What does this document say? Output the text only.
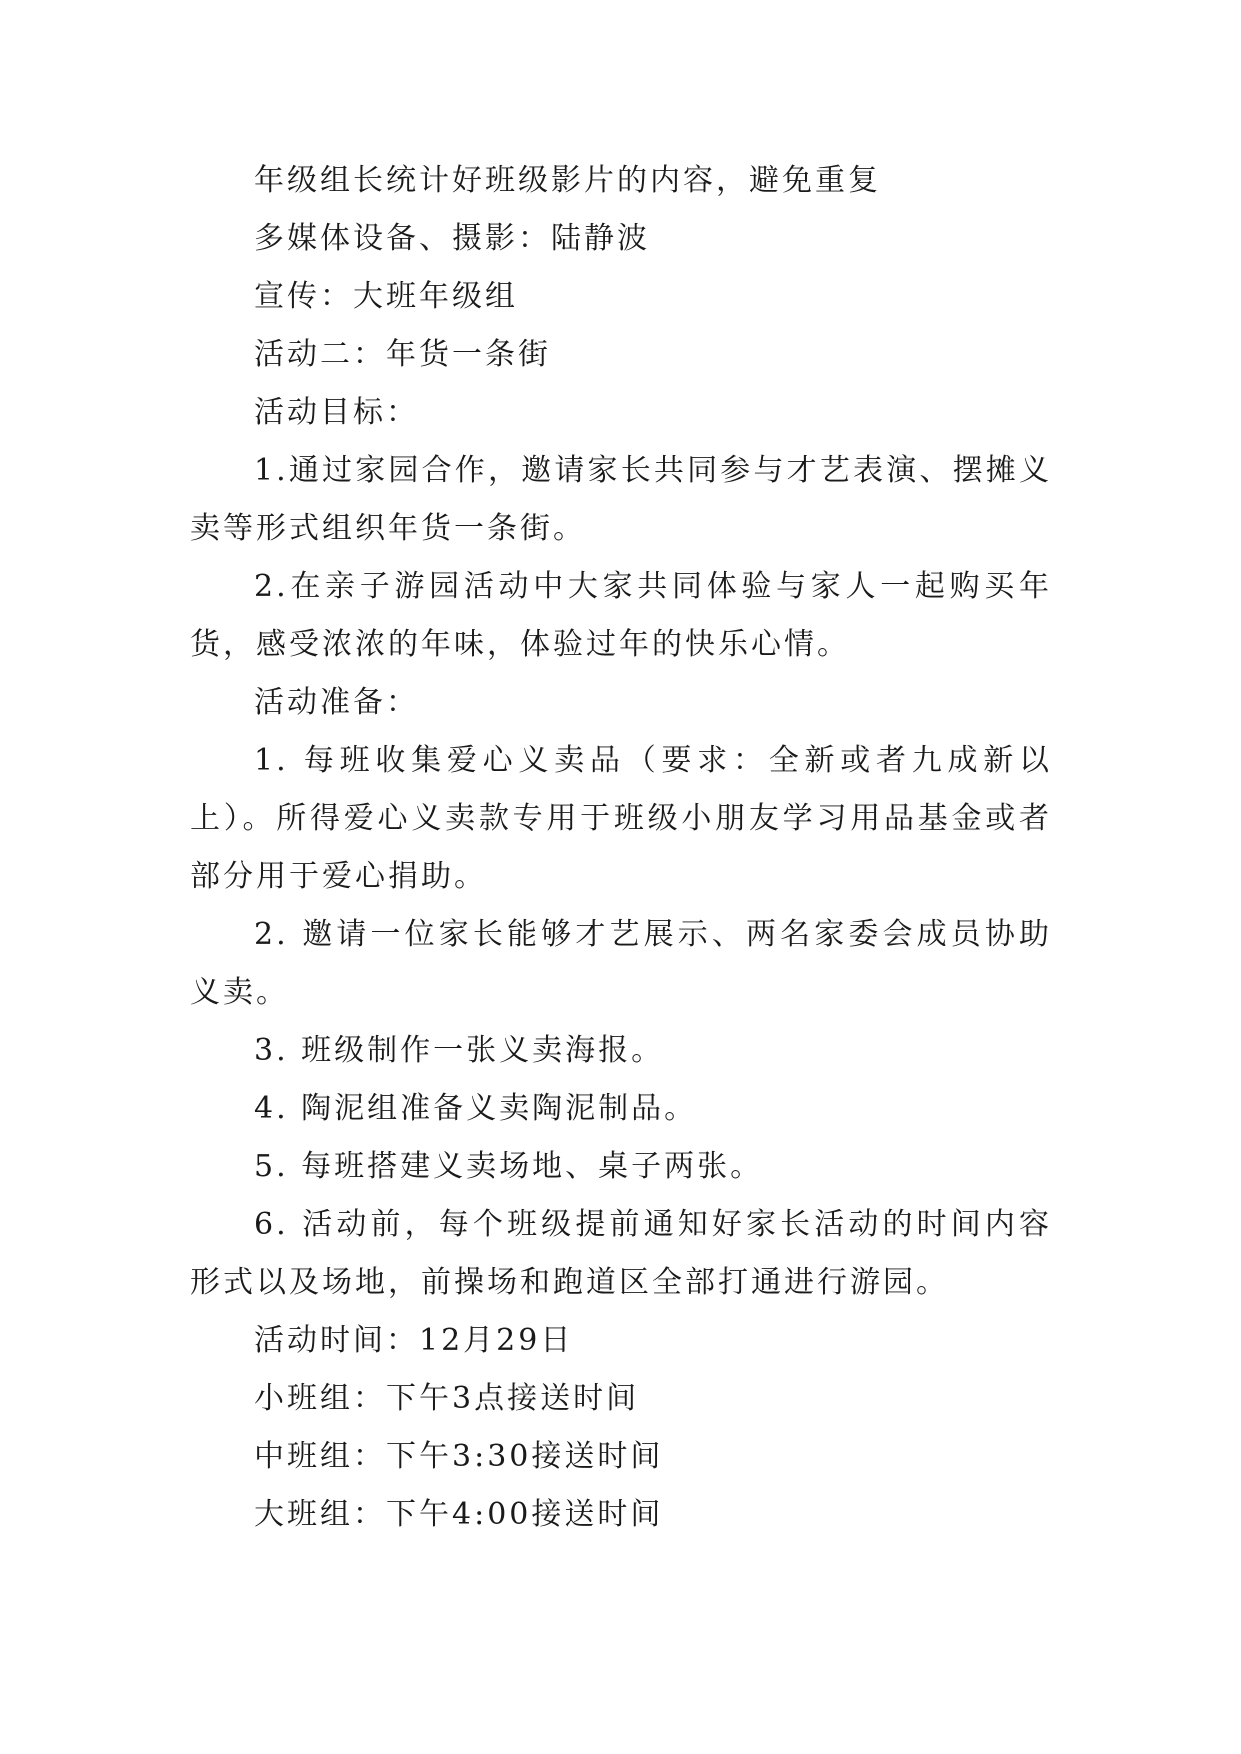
年级组长统计好班级影片的内容，避免重复

多媒体设备、摄影：陆静波

宣传：大班年级组

活动二：年货一条街

活动目标：

1.通过家园合作，邀请家长共同参与才艺表演、摆摊义卖等形式组织年货一条街。

2.在亲子游园活动中大家共同体验与家人一起购买年货，感受浓浓的年味，体验过年的快乐心情。

活动准备：

1. 每班收集爱心义卖品（要求：全新或者九成新以上）。所得爱心义卖款专用于班级小朋友学习用品基金或者部分用于爱心捐助。

2. 邀请一位家长能够才艺展示、两名家委会成员协助义卖。

3. 班级制作一张义卖海报。

4. 陶泥组准备义卖陶泥制品。

5. 每班搭建义卖场地、桌子两张。

6. 活动前，每个班级提前通知好家长活动的时间内容形式以及场地，前操场和跑道区全部打通进行游园。

活动时间：12月29日

小班组：下午3点接送时间

中班组：下午3:30接送时间

大班组：下午4:00接送时间
